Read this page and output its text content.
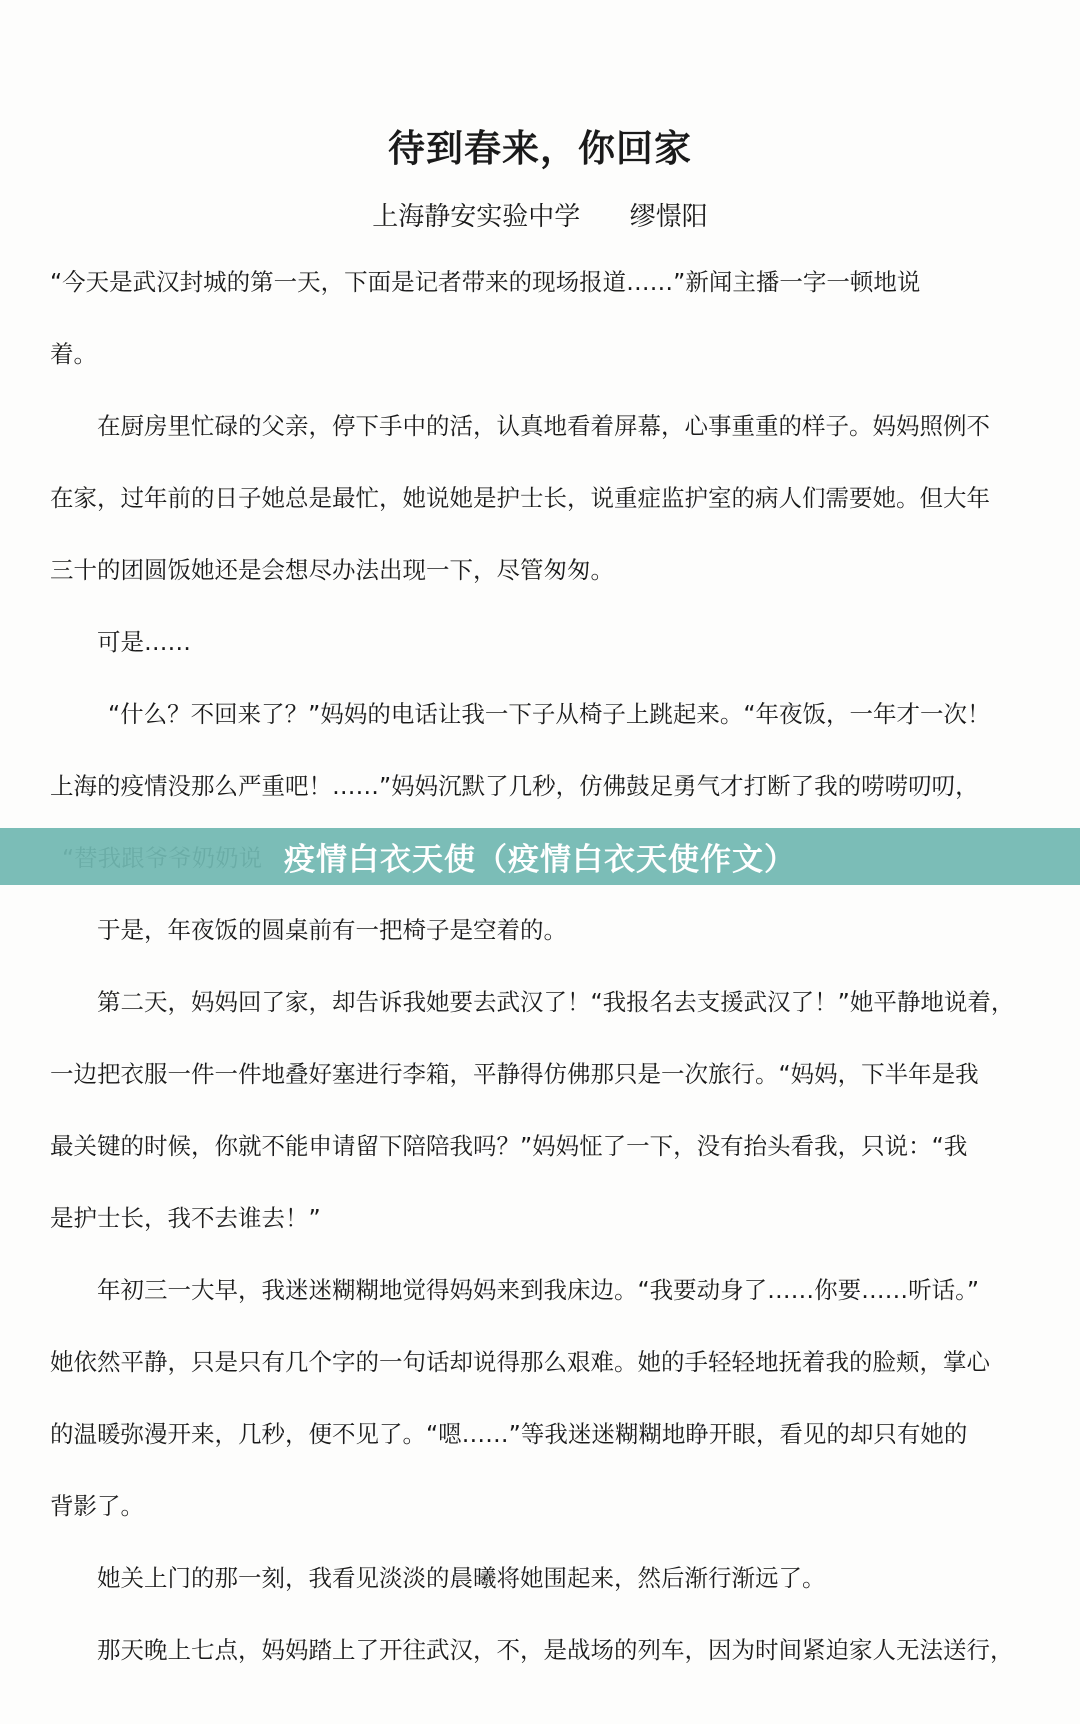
待到春来，你回家
上海静安实验中学      缪憬阳
“今天是武汉封城的第一天，下面是记者带来的现场报道……”新闻主播一字一顿地说
着。
在厨房里忙碌的父亲，停下手中的活，认真地看着屏幕，心事重重的样子。妈妈照例不
在家，过年前的日子她总是最忙，她说她是护士长，说重症监护室的病人们需要她。但大年
三十的团圆饭她还是会想尽办法出现一下，尽管匆匆。
可是……
“什么？不回来了？”妈妈的电话让我一下子从椅子上跳起来。“年夜饭，一年才一次！
上海的疫情没那么严重吧！……”妈妈沉默了几秒，仿佛鼓足勇气才打断了我的唠唠叨叨，
于是，年夜饭的圆桌前有一把椅子是空着的。
第二天，妈妈回了家，却告诉我她要去武汉了！“我报名去支援武汉了！”她平静地说着，
一边把衣服一件一件地叠好塞进行李箱，平静得仿佛那只是一次旅行。“妈妈，下半年是我
最关键的时候，你就不能申请留下陪陪我吗？”妈妈怔了一下，没有抬头看我，只说：“我
是护士长，我不去谁去！”
年初三一大早，我迷迷糊糊地觉得妈妈来到我床边。“我要动身了……你要……听话。”
她依然平静，只是只有几个字的一句话却说得那么艰难。她的手轻轻地抚着我的脸颊，掌心
的温暖弥漫开来，几秒，便不见了。“嗯……”等我迷迷糊糊地睁开眼，看见的却只有她的
背影了。
她关上门的那一刻，我看见淡淡的晨曦将她围起来，然后渐行渐远了。
那天晚上七点，妈妈踏上了开往武汉，不，是战场的列车，因为时间紧迫家人无法送行，
疫情白衣天使（疫情白衣天使作文）
